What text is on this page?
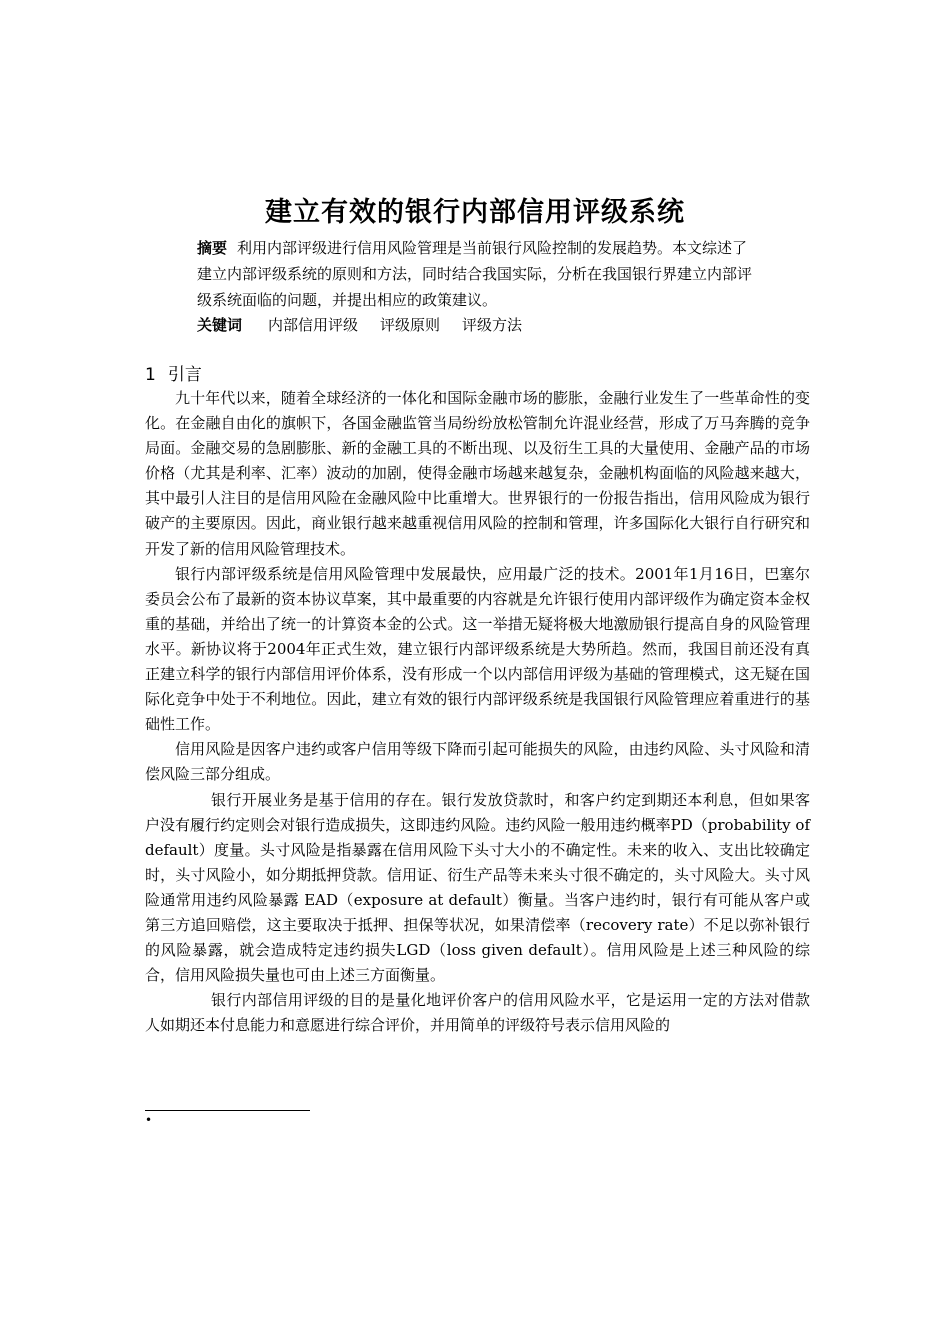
建立有效的银行内部信用评级系统
摘要 利用内部评级进行信用风险管理是当前银行风险控制的发展趋势。本文综述了建立内部评级系统的原则和方法，同时结合我国实际，分析在我国银行界建立内部评级系统面临的问题，并提出相应的政策建议。
关键词 内部信用评级 评级原则 评级方法
1 引言

九十年代以来，随着全球经济的一体化和国际金融市场的膨胀，金融行业发生了一些革命性的变化。在金融自由化的旗帜下，各国金融监管当局纷纷放松管制允许混业经营，形成了万马奔腾的竞争局面。金融交易的急剧膨胀、新的金融工具的不断出现、以及衍生工具的大量使用、金融产品的市场价格（尤其是利率、汇率）波动的加剧，使得金融市场越来越复杂，金融机构面临的风险越来越大，其中最引人注目的是信用风险在金融风险中比重增大。世界银行的一份报告指出，信用风险成为银行破产的主要原因。因此，商业银行越来越重视信用风险的控制和管理，许多国际化大银行自行研究和开发了新的信用风险管理技术。

银行内部评级系统是信用风险管理中发展最快，应用最广泛的技术。2001年1月16日，巴塞尔委员会公布了最新的资本协议草案，其中最重要的内容就是允许银行使用内部评级作为确定资本金权重的基础，并给出了统一的计算资本金的公式。这一举措无疑将极大地激励银行提高自身的风险管理水平。新协议将于2004年正式生效，建立银行内部评级系统是大势所趋。然而，我国目前还没有真正建立科学的银行内部信用评价体系，没有形成一个以内部信用评级为基础的管理模式，这无疑在国际化竞争中处于不利地位。因此，建立有效的银行内部评级系统是我国银行风险管理应着重进行的基础性工作。

信用风险是因客户违约或客户信用等级下降而引起可能损失的风险，由违约风险、头寸风险和清偿风险三部分组成。

银行开展业务是基于信用的存在。银行发放贷款时，和客户约定到期还本利息，但如果客户没有履行约定则会对银行造成损失，这即违约风险。违约风险一般用违约概率PD（probability of default）度量。头寸风险是指暴露在信用风险下头寸大小的不确定性。未来的收入、支出比较确定时，头寸风险小，如分期抵押贷款。信用证、衍生产品等未来头寸很不确定的，头寸风险大。头寸风险通常用违约风险暴露 EAD（exposure at default）衡量。当客户违约时，银行有可能从客户或第三方追回赔偿，这主要取决于抵押、担保等状况，如果清偿率（recovery rate）不足以弥补银行的风险暴露，就会造成特定违约损失LGD（loss given default）。信用风险是上述三种风险的综合，信用风险损失量也可由上述三方面衡量。

银行内部信用评级的目的是量化地评价客户的信用风险水平，它是运用一定的方法对借款人如期还本付息能力和意愿进行综合评价，并用简单的评级符号表示信用风险的

•
